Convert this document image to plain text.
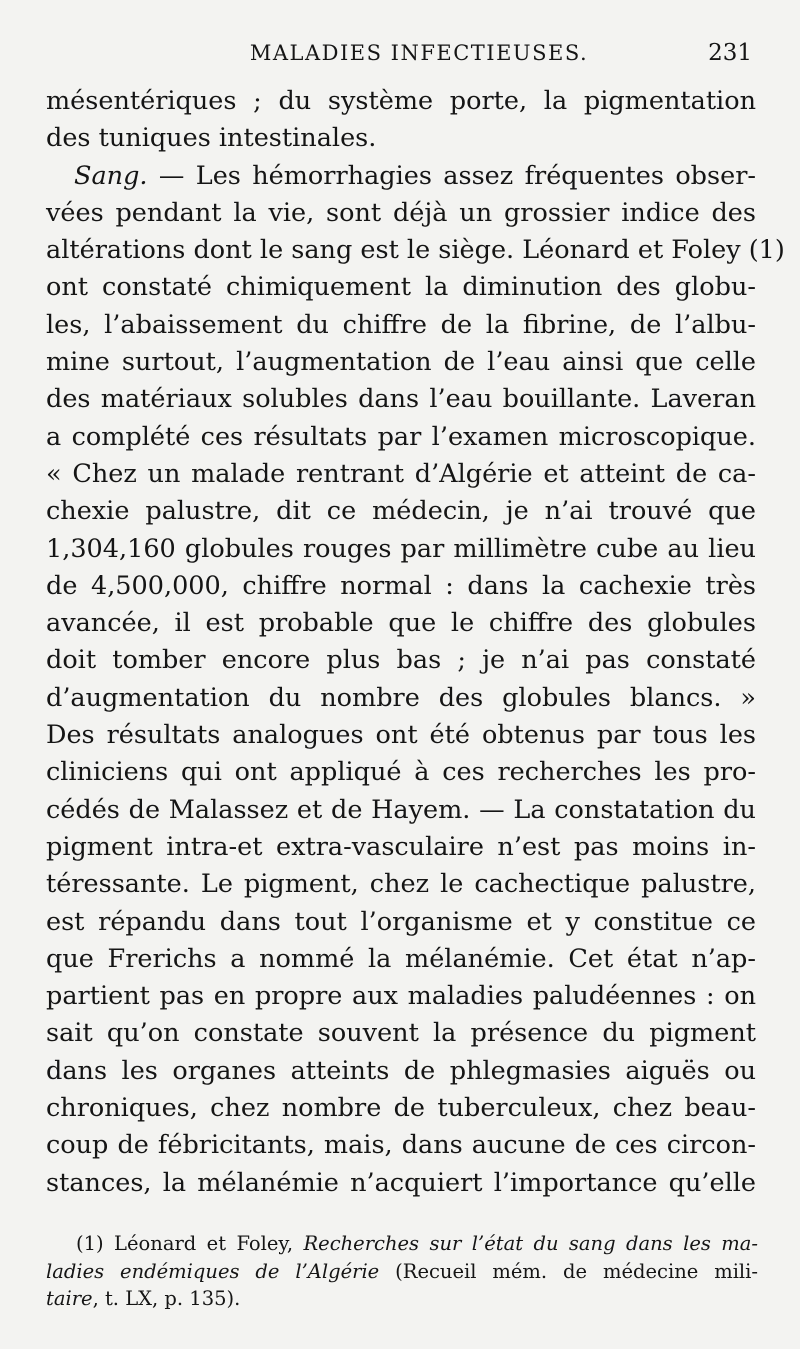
MALADIES INFECTIEUSES.	231
mésentériques ; du système porte, la pigmentation
des tuniques intestinales.
Sang. — Les hémorrhagies assez fréquentes obser-
vées pendant la vie, sont déjà un grossier indice des
altérations dont le sang est le siège. Léonard et Foley (1)
ont constaté chimiquement la diminution des globu-
les, l’abaissement du chiffre de la fibrine, de l’albu-
mine surtout, l’augmentation de l’eau ainsi que celle
des matériaux solubles dans l’eau bouillante. Laveran
a complété ces résultats par l’examen microscopique.
« Chez un malade rentrant d’Algérie et atteint de ca-
chexie palustre, dit ce médecin, je n’ai trouvé que
1,304,160 globules rouges par millimètre cube au lieu
de 4,500,000, chiffre normal : dans la cachexie très
avancée, il est probable que le chiffre des globules
doit tomber encore plus bas ; je n’ai pas constaté
d’augmentation du nombre des globules blancs. »
Des résultats analogues ont été obtenus par tous les
cliniciens qui ont appliqué à ces recherches les pro-
cédés de Malassez et de Hayem. — La constatation du
pigment intra-et extra-vasculaire n’est pas moins in-
téressante. Le pigment, chez le cachectique palustre,
est répandu dans tout l’organisme et y constitue ce
que Frerichs a nommé la mélanémie. Cet état n’ap-
partient pas en propre aux maladies paludéennes : on
sait qu’on constate souvent la présence du pigment
dans les organes atteints de phlegmasies aiguës ou
chroniques, chez nombre de tuberculeux, chez beau-
coup de fébricitants, mais, dans aucune de ces circon-
stances, la mélanémie n’acquiert l’importance qu’elle
(1) Léonard et Foley, Recherches sur l’état du sang dans les ma-
ladies endémiques de l’Algérie (Recueil mém. de médecine mili-
taire, t. LX, p. 135).
